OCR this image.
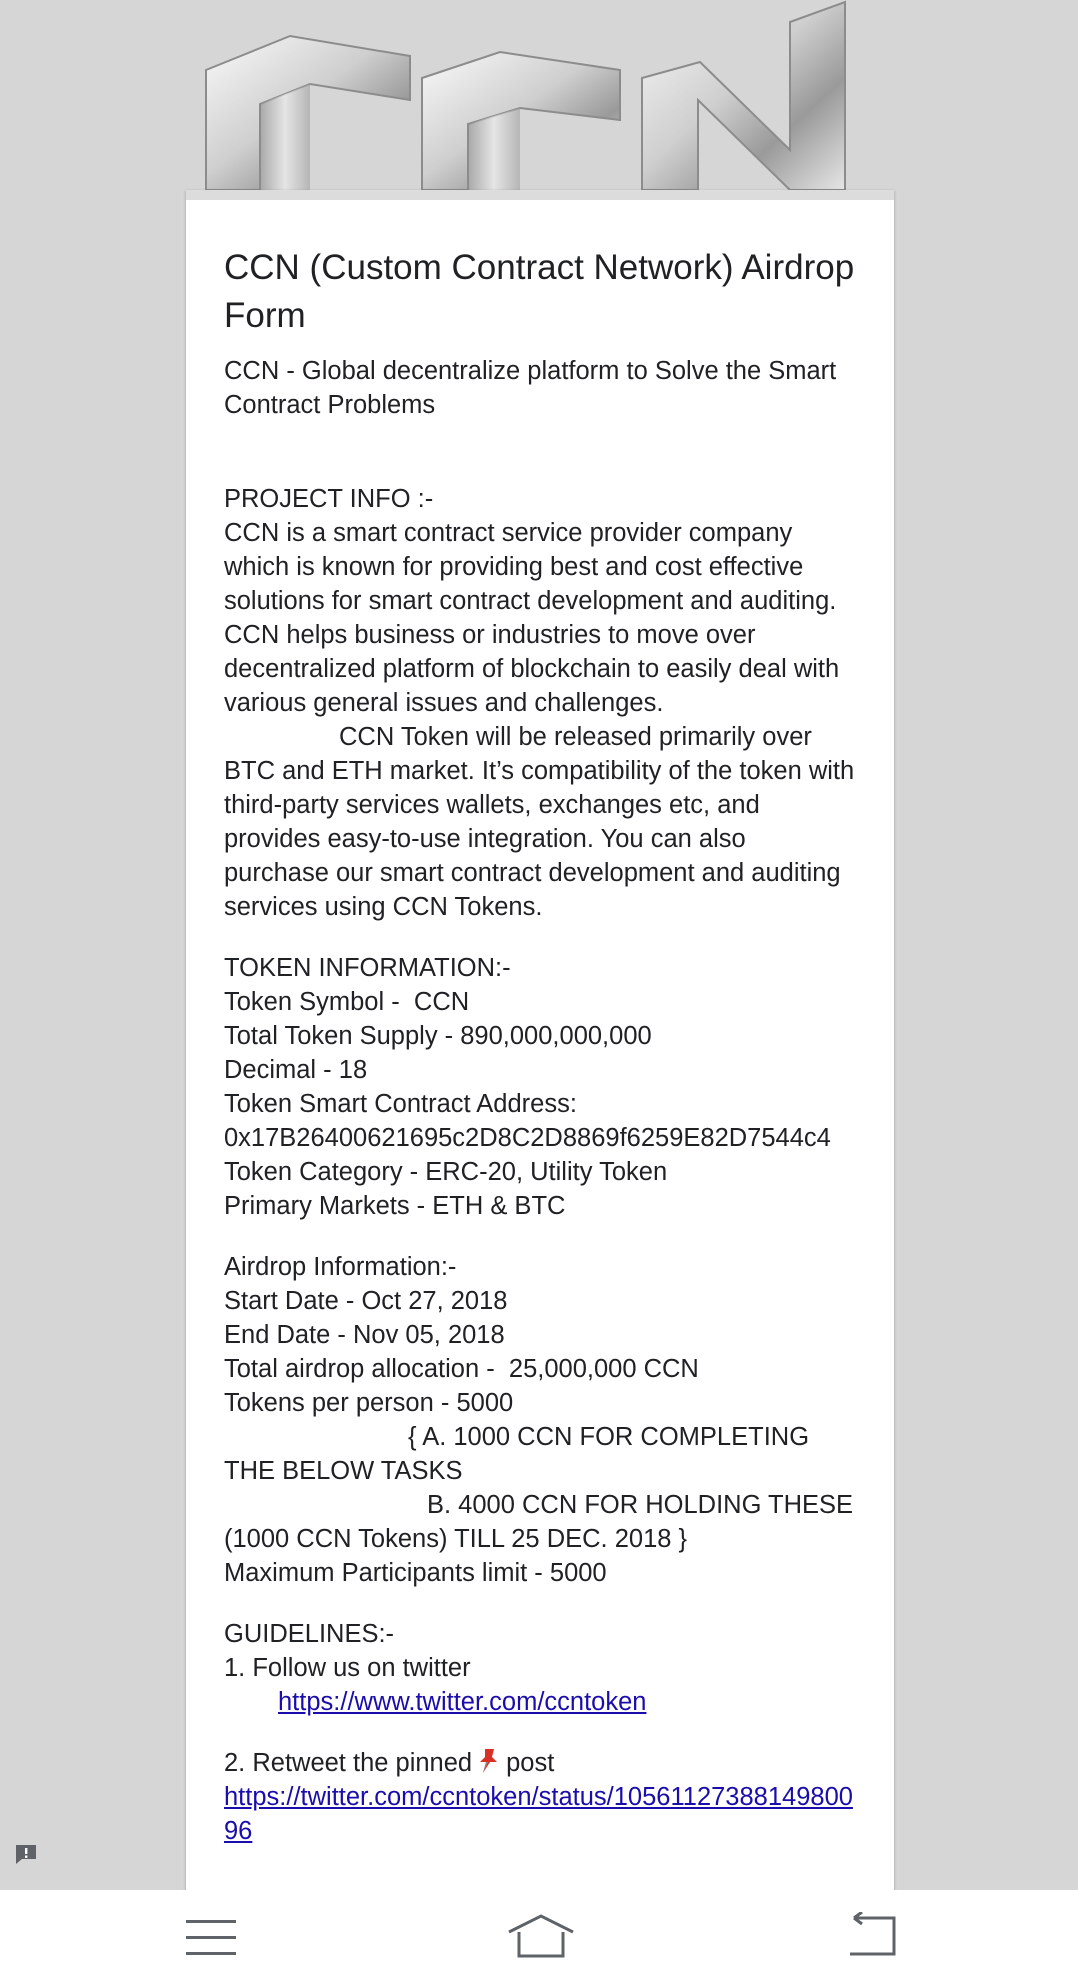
CCN (Custom Contract Network) Airdrop Form

CCN - Global decentralize platform to Solve the Smart Contract Problems

PROJECT INFO :-
CCN is a smart contract service provider company which is known for providing best and cost effective solutions for smart contract development and auditing. CCN helps business or industries to move over decentralized platform of blockchain to easily deal with various general issues and challenges.
CCN Token will be released primarily over
BTC and ETH market. It’s compatibility of the token with third-party services wallets, exchanges etc, and provides easy-to-use integration. You can also purchase our smart contract development and auditing services using CCN Tokens.
TOKEN INFORMATION:-
Token Symbol -  CCN
Total Token Supply - 890,000,000,000
Decimal - 18
Token Smart Contract Address:
0x17B26400621695c2D8C2D8869f6259E82D7544c4
Token Category - ERC-20, Utility Token
Primary Markets - ETH & BTC
Airdrop Information:-
Start Date - Oct 27, 2018
End Date - Nov 05, 2018
Total airdrop allocation -  25,000,000 CCN
Tokens per person - 5000
{ A. 1000 CCN FOR COMPLETING
THE BELOW TASKS
B. 4000 CCN FOR HOLDING THESE
(1000 CCN Tokens) TILL 25 DEC. 2018 }
Maximum Participants limit - 5000
GUIDELINES:-
1. Follow us on twitter
https://www.twitter.com/ccntoken
2. Retweet the pinned post
https://twitter.com/ccntoken/status/1056112738814980096
